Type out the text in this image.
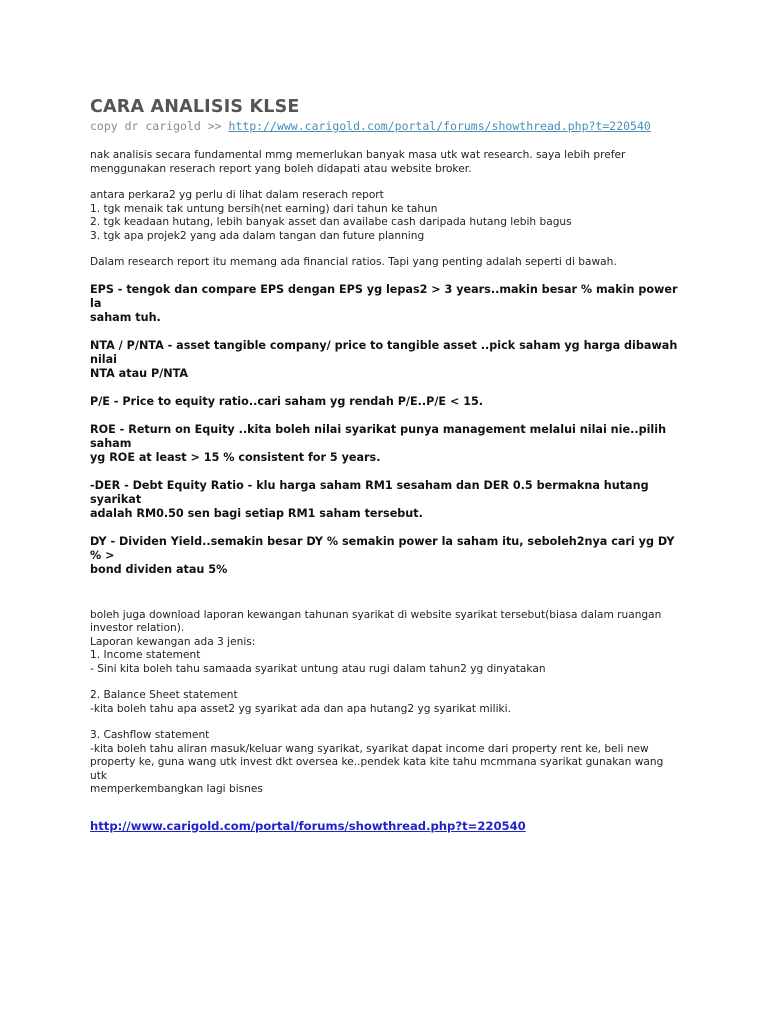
CARA ANALISIS KLSE

copy dr carigold >> http://www.carigold.com/portal/forums/showthread.php?t=220540

nak analisis secara fundamental mmg memerlukan banyak masa utk wat research. saya lebih prefer
menggunakan reserach report yang boleh didapati atau website broker.
antara perkara2 yg perlu di lihat dalam reserach report
1. tgk menaik tak untung bersih(net earning) dari tahun ke tahun
2. tgk keadaan hutang, lebih banyak asset dan availabe cash daripada hutang lebih bagus
3. tgk apa projek2 yang ada dalam tangan dan future planning
Dalam research report itu memang ada financial ratios. Tapi yang penting adalah seperti di bawah.
EPS - tengok dan compare EPS dengan EPS yg lepas2 > 3 years..makin besar % makin power la
saham tuh.
NTA / P/NTA - asset tangible company/ price to tangible asset ..pick saham yg harga dibawah nilai
NTA atau P/NTA
P/E - Price to equity ratio..cari saham yg rendah P/E..P/E < 15.
ROE - Return on Equity ..kita boleh nilai syarikat punya management melalui nilai nie..pilih saham
yg ROE at least > 15 % consistent for 5 years.
-DER - Debt Equity Ratio - klu harga saham RM1 sesaham dan DER 0.5 bermakna hutang syarikat
adalah RM0.50 sen bagi setiap RM1 saham tersebut.
DY - Dividen Yield..semakin besar DY % semakin power la saham itu, seboleh2nya cari yg DY % >
bond dividen atau 5%
boleh juga download laporan kewangan tahunan syarikat di website syarikat tersebut(biasa dalam ruangan
investor relation).
Laporan kewangan ada 3 jenis:
1. Income statement
- Sini kita boleh tahu samaada syarikat untung atau rugi dalam tahun2 yg dinyatakan
2. Balance Sheet statement
-kita boleh tahu apa asset2 yg syarikat ada dan apa hutang2 yg syarikat miliki.
3. Cashflow statement
-kita boleh tahu aliran masuk/keluar wang syarikat, syarikat dapat income dari property rent ke, beli new
property ke, guna wang utk invest dkt oversea ke..pendek kata kite tahu mcmmana syarikat gunakan wang utk
memperkembangkan lagi bisnes
http://www.carigold.com/portal/forums/showthread.php?t=220540
